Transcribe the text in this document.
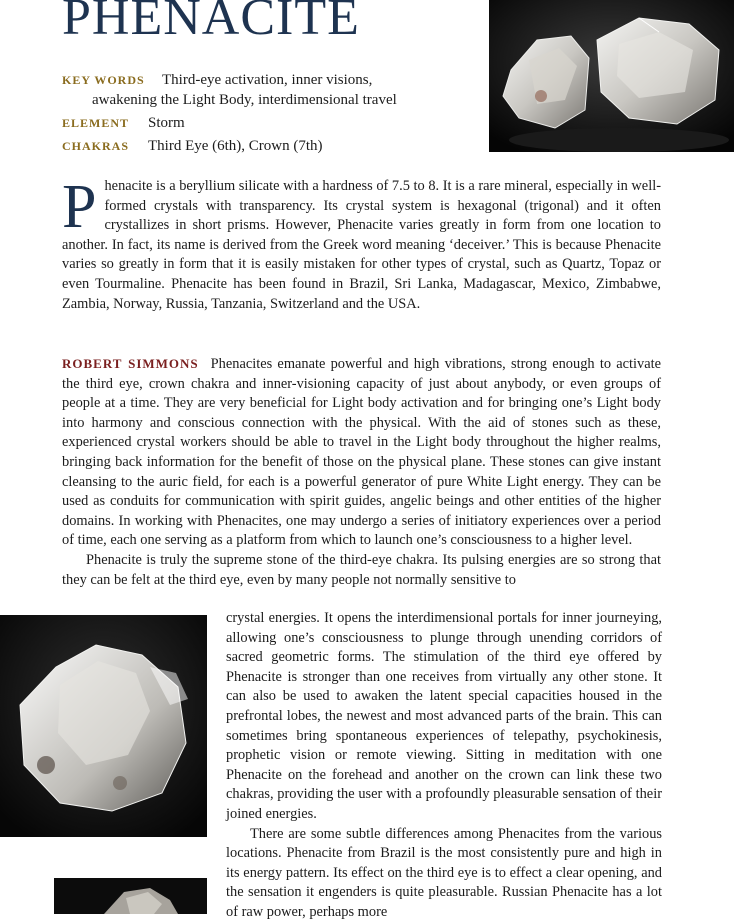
PHENACITE
KEY WORDS Third-eye activation, inner visions,
awakening the Light Body, interdimensional travel
ELEMENT Storm
CHAKRAS Third Eye (6th), Crown (7th)
Phenacite is a beryllium silicate with a hardness of 7.5 to 8. It is a rare mineral, especially in well-formed crystals with transparency. Its crystal system is hexagonal (trigonal) and it often crystallizes in short prisms. However, Phenacite varies greatly in form from one location to another. In fact, its name is derived from the Greek word meaning ‘deceiver.’ This is because Phenacite varies so greatly in form that it is easily mistaken for other types of crystal, such as Quartz, Topaz or even Tourmaline. Phenacite has been found in Brazil, Sri Lanka, Madagascar, Mexico, Zimbabwe, Zambia, Norway, Russia, Tanzania, Switzerland and the USA.

ROBERT SIMMONS Phenacites emanate powerful and high vibrations, strong enough to activate the third eye, crown chakra and inner-visioning capacity of just about anybody, or even groups of people at a time. They are very beneficial for Light body activation and for bringing one’s Light body into harmony and conscious connection with the physical. With the aid of stones such as these, experienced crystal workers should be able to travel in the Light body throughout the higher realms, bringing back information for the benefit of those on the physical plane. These stones can give instant cleansing to the auric field, for each is a powerful generator of pure White Light energy. They can be used as conduits for communication with spirit guides, angelic beings and other entities of the higher domains. In working with Phenacites, one may undergo a series of initiatory experiences over a period of time, each one serving as a platform from which to launch one’s consciousness to a higher level.

Phenacite is truly the supreme stone of the third-eye chakra. Its pulsing energies are so strong that they can be felt at the third eye, even by many people not normally sensitive to

crystal energies. It opens the interdimensional portals for inner journeying, allowing one’s consciousness to plunge through unending corridors of sacred geometric forms. The stimulation of the third eye offered by Phenacite is stronger than one receives from virtually any other stone. It can also be used to awaken the latent special capacities housed in the prefrontal lobes, the newest and most advanced parts of the brain. This can sometimes bring spontaneous experiences of telepathy, psychokinesis, prophetic vision or remote viewing. Sitting in meditation with one Phenacite on the forehead and another on the crown can link these two chakras, providing the user with a profoundly pleasurable sensation of their joined energies.

There are some subtle differences among Phenacites from the various locations. Phenacite from Brazil is the most consistently pure and high in its energy pattern. Its effect on the third eye is to effect a clear opening, and the sensation it engenders is quite pleasurable. Russian Phenacite has a lot of raw power, perhaps more
